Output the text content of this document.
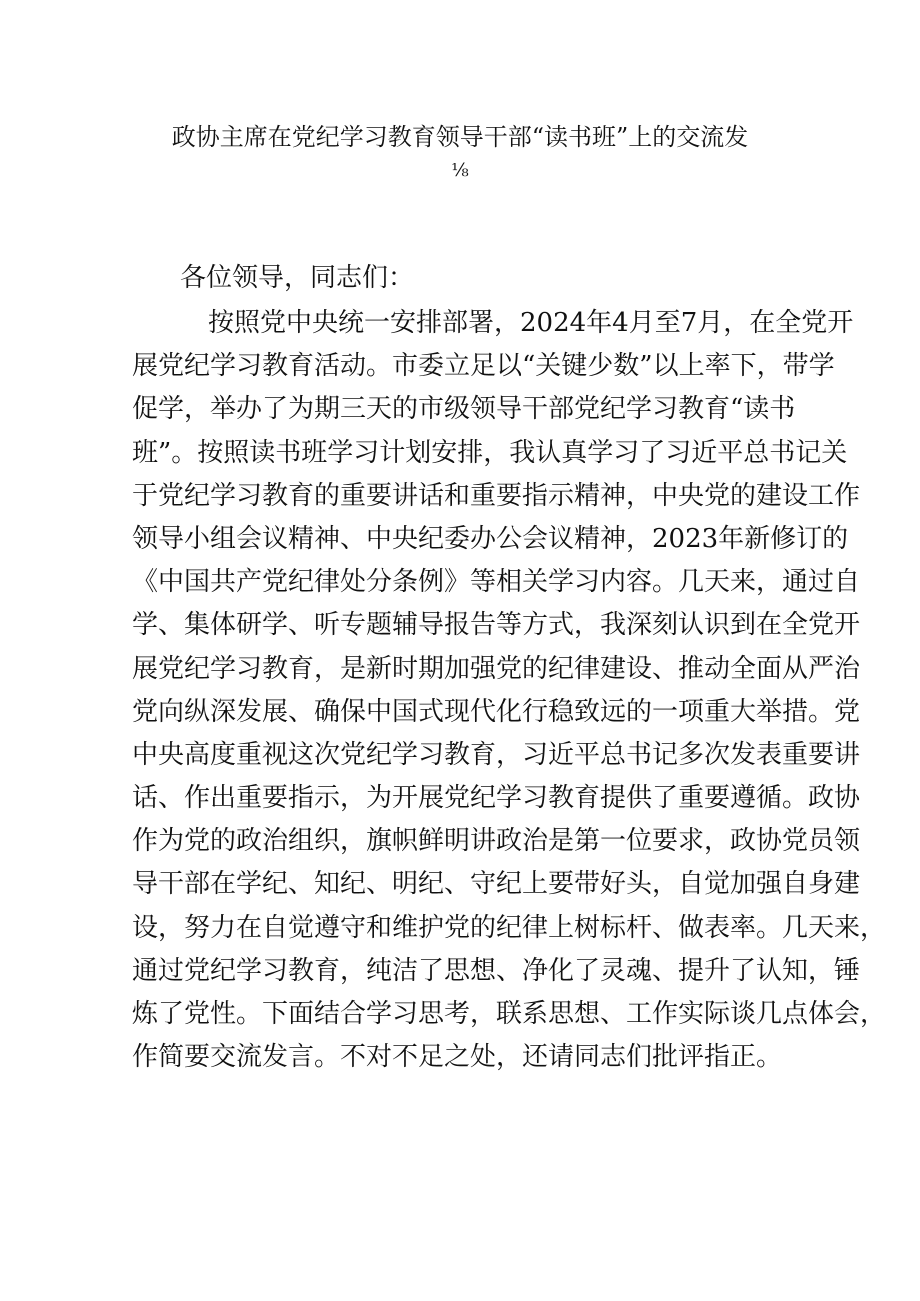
政协主席在党纪学习教育领导干部“读书班”上的交流发
⅛
各位领导，同志们：
按照党中央统一安排部署，2024年4月至7月，在全党开
展党纪学习教育活动。市委立足以“关键少数”以上率下，带学
促学，举办了为期三天的市级领导干部党纪学习教育“读书
班”。按照读书班学习计划安排，我认真学习了习近平总书记关
于党纪学习教育的重要讲话和重要指示精神，中央党的建设工作
领导小组会议精神、中央纪委办公会议精神，2023年新修订的
《中国共产党纪律处分条例》等相关学习内容。几天来，通过自
学、集体研学、听专题辅导报告等方式，我深刻认识到在全党开
展党纪学习教育，是新时期加强党的纪律建设、推动全面从严治
党向纵深发展、确保中国式现代化行稳致远的一项重大举措。党
中央高度重视这次党纪学习教育，习近平总书记多次发表重要讲
话、作出重要指示，为开展党纪学习教育提供了重要遵循。政协
作为党的政治组织，旗帜鲜明讲政治是第一位要求，政协党员领
导干部在学纪、知纪、明纪、守纪上要带好头，自觉加强自身建
设，努力在自觉遵守和维护党的纪律上树标杆、做表率。几天来，
通过党纪学习教育，纯洁了思想、净化了灵魂、提升了认知，锤
炼了党性。下面结合学习思考，联系思想、工作实际谈几点体会，
作简要交流发言。不对不足之处，还请同志们批评指正。
